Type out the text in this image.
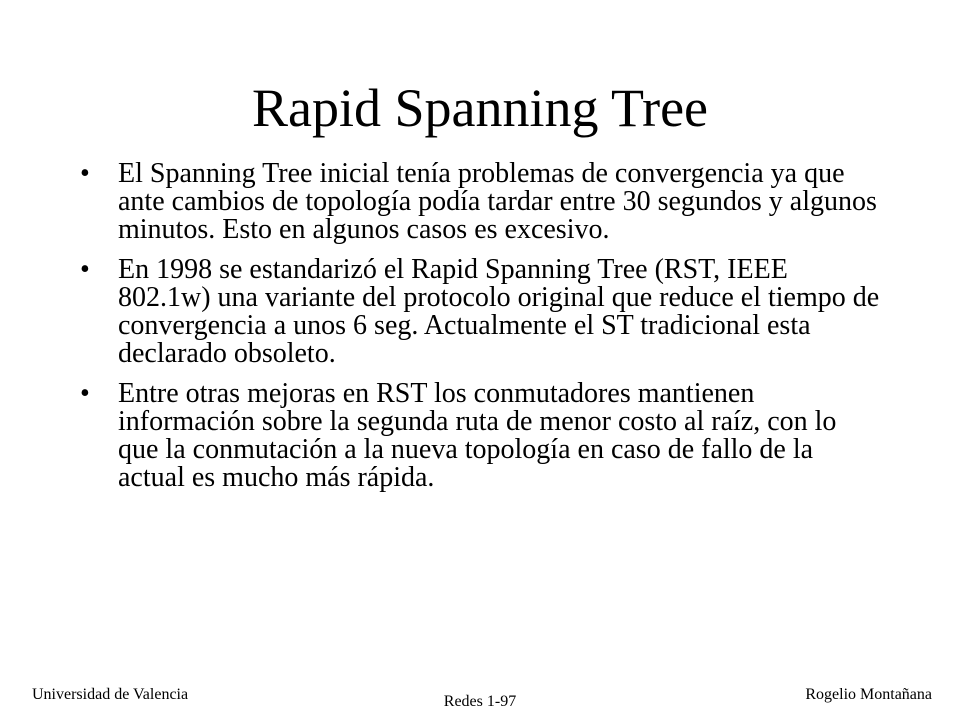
Rapid Spanning Tree
• El Spanning Tree inicial tenía problemas de convergencia ya que ante cambios de topología podía tardar entre 30 segundos y algunos minutos. Esto en algunos casos es excesivo.
• En 1998 se estandarizó el Rapid Spanning Tree (RST, IEEE 802.1w) una variante del protocolo original que reduce el tiempo de convergencia a unos 6 seg. Actualmente el ST tradicional esta declarado obsoleto.
• Entre otras mejoras en RST los conmutadores mantienen información sobre la segunda ruta de menor costo al raíz, con lo que la conmutación a la nueva topología en caso de fallo de la actual es mucho más rápida.
Universidad de Valencia	Redes 1-97	Rogelio Montañana
